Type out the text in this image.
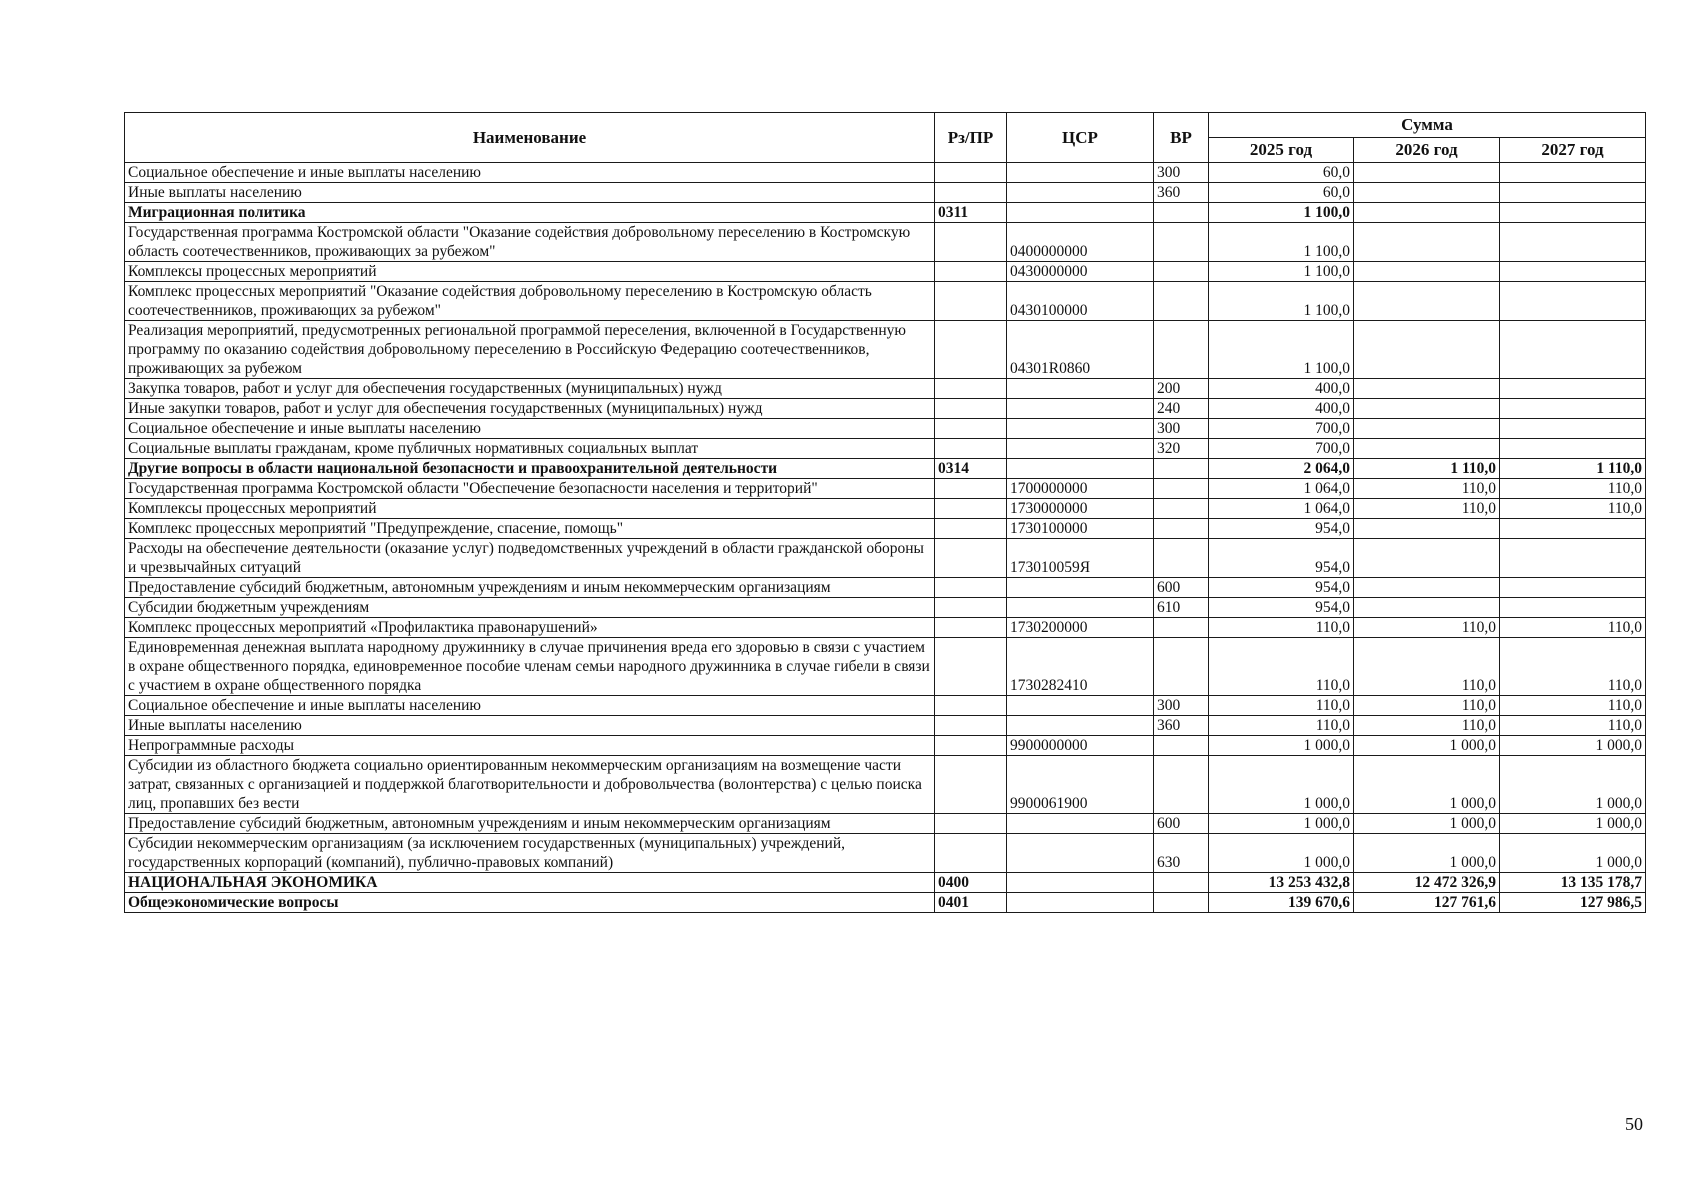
Наименование	Рз/ПР	ЦСР	ВР	Сумма		
				2025 год	2026 год	2027 год
Социальное обеспечение и иные выплаты населению			300	60,0		
Иные выплаты населению			360	60,0		
Миграционная политика	0311			1 100,0		
Государственная программа Костромской области "Оказание содействия добровольному переселению в Костромскую область соотечественников, проживающих за рубежом"		0400000000		1 100,0		
Комплексы процессных мероприятий		0430000000		1 100,0		
Комплекс процессных мероприятий "Оказание содействия добровольному переселению в Костромскую область соотечественников, проживающих за рубежом"		0430100000		1 100,0		
Реализация мероприятий, предусмотренных региональной программой переселения, включенной в Государственную программу по оказанию содействия добровольному переселению в Российскую Федерацию соотечественников, проживающих за рубежом		04301R0860		1 100,0		
Закупка товаров, работ и услуг для обеспечения государственных (муниципальных) нужд			200	400,0		
Иные закупки товаров, работ и услуг для обеспечения государственных (муниципальных) нужд			240	400,0		
Социальное обеспечение и иные выплаты населению			300	700,0		
Социальные выплаты гражданам, кроме публичных нормативных социальных выплат			320	700,0		
Другие вопросы в области национальной безопасности и правоохранительной деятельности	0314			2 064,0	1 110,0	1 110,0
Государственная программа Костромской области "Обеспечение безопасности населения и территорий"		1700000000		1 064,0	110,0	110,0
Комплексы процессных мероприятий		1730000000		1 064,0	110,0	110,0
Комплекс процессных мероприятий "Предупреждение, спасение, помощь"		1730100000		954,0		
Расходы на обеспечение деятельности (оказание услуг) подведомственных учреждений в области гражданской обороны и чрезвычайных ситуаций		173010059Я		954,0		
Предоставление субсидий бюджетным, автономным учреждениям и иным некоммерческим организациям			600	954,0		
Субсидии бюджетным учреждениям			610	954,0		
Комплекс процессных мероприятий «Профилактика правонарушений»		1730200000		110,0	110,0	110,0
Единовременная денежная выплата народному дружиннику в случае причинения вреда его здоровью в связи с участием в охране общественного порядка, единовременное пособие членам семьи народного дружинника в случае гибели в связи с участием в охране общественного порядка		1730282410		110,0	110,0	110,0
Социальное обеспечение и иные выплаты населению			300	110,0	110,0	110,0
Иные выплаты населению			360	110,0	110,0	110,0
Непрограммные расходы		9900000000		1 000,0	1 000,0	1 000,0
Субсидии из областного бюджета социально ориентированным некоммерческим организациям на возмещение части затрат, связанных с организацией и поддержкой благотворительности и добровольчества (волонтерства) с целью поиска лиц, пропавших без вести		9900061900		1 000,0	1 000,0	1 000,0
Предоставление субсидий бюджетным, автономным учреждениям и иным некоммерческим организациям			600	1 000,0	1 000,0	1 000,0
Субсидии некоммерческим организациям (за исключением государственных (муниципальных) учреждений, государственных корпораций (компаний), публично-правовых компаний)			630	1 000,0	1 000,0	1 000,0
НАЦИОНАЛЬНАЯ ЭКОНОМИКА	0400			13 253 432,8	12 472 326,9	13 135 178,7
Общеэкономические вопросы	0401			139 670,6	127 761,6	127 986,5
50
